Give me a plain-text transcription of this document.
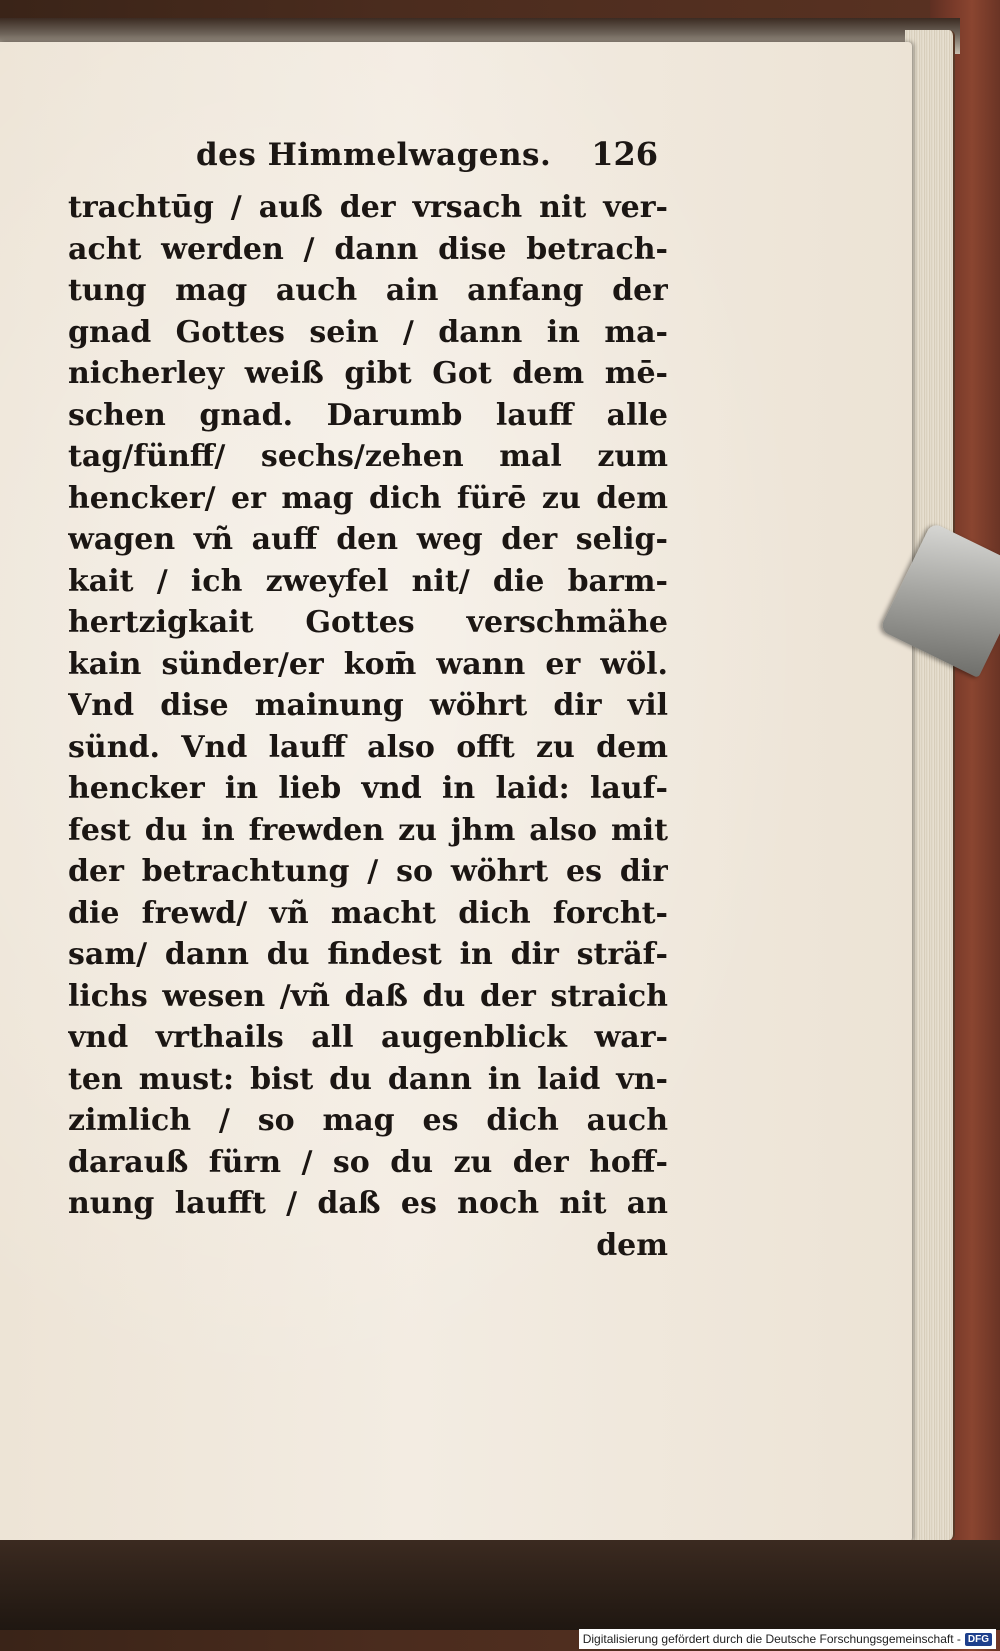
des Himmelwagens. 126
trachtūg / auß der vrsach nit ver‑
acht werden / dann dise betrach‑
tung mag auch ain anfang der
gnad Gottes sein / dann in ma‑
nicherley weiß gibt Got dem mē‑
schen gnad. Darumb lauff alle
tag/fünff/ sechs/zehen mal zum
hencker/ er mag dich fürē zu dem
wagen vñ auff den weg der selig‑
kait / ich zweyfel nit/ die barm‑
hertzigkait Gottes verschmähe
kain sünder/er kom̄ wann er wöl.
Vnd dise mainung wöhrt dir vil
sünd. Vnd lauff also offt zu dem
hencker in lieb vnd in laid: lauf‑
fest du in frewden zu jhm also mit
der betrachtung / so wöhrt es dir
die frewd/ vñ macht dich forcht‑
sam/ dann du findest in dir sträf‑
lichs wesen /vñ daß du der straich
vnd vrthails all augenblick war‑
ten must: bist du dann in laid vn‑
zimlich / so mag es dich auch
darauß fürn / so du zu der hoff‑
nung laufft / daß es noch nit an
dem
Digitalisierung gefördert durch die Deutsche Forschungsgemeinschaft - DFG
